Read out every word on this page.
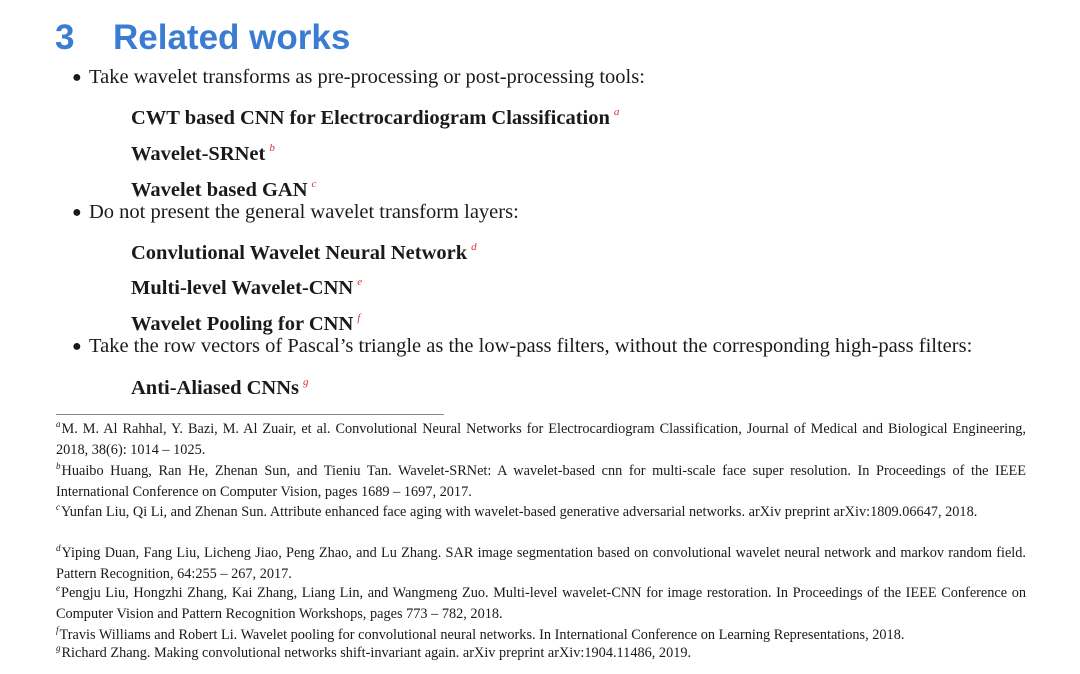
3 Related works
● Take wavelet transforms as pre-processing or post-processing tools:
CWT based CNN for Electrocardiogram Classification $^a$
Wavelet-SRNet $^b$
Wavelet based GAN $^c$
● Do not present the general wavelet transform layers:
Convlutional Wavelet Neural Network $^d$
Multi-level Wavelet-CNN $^e$
Wavelet Pooling for CNN $^f$
● Take the row vectors of Pascal’s triangle as the low-pass filters, without the corresponding high-pass filters:
Anti-Aliased CNNs $^g$
$^a$M. M. Al Rahhal, Y. Bazi, M. Al Zuair, et al. Convolutional Neural Networks for Electrocardiogram Classification, Journal of Medical and Biological Engineering, 2018, 38(6): 1014 – 1025.
$^b$Huaibo Huang, Ran He, Zhenan Sun, and Tieniu Tan. Wavelet-SRNet: A wavelet-based cnn for multi-scale face super resolution. In Proceedings of the IEEE International Conference on Computer Vision, pages 1689 – 1697, 2017.
$^c$Yunfan Liu, Qi Li, and Zhenan Sun. Attribute enhanced face aging with wavelet-based generative adversarial networks. arXiv preprint arXiv:1809.06647, 2018.
$^d$Yiping Duan, Fang Liu, Licheng Jiao, Peng Zhao, and Lu Zhang. SAR image segmentation based on convolutional wavelet neural network and markov random field. Pattern Recognition, 64:255 – 267, 2017.
$^e$Pengju Liu, Hongzhi Zhang, Kai Zhang, Liang Lin, and Wangmeng Zuo. Multi-level wavelet-CNN for image restoration. In Proceedings of the IEEE Conference on Computer Vision and Pattern Recognition Workshops, pages 773 – 782, 2018.
$^f$Travis Williams and Robert Li. Wavelet pooling for convolutional neural networks. In International Conference on Learning Representations, 2018.
$^g$Richard Zhang. Making convolutional networks shift-invariant again. arXiv preprint arXiv:1904.11486, 2019.
